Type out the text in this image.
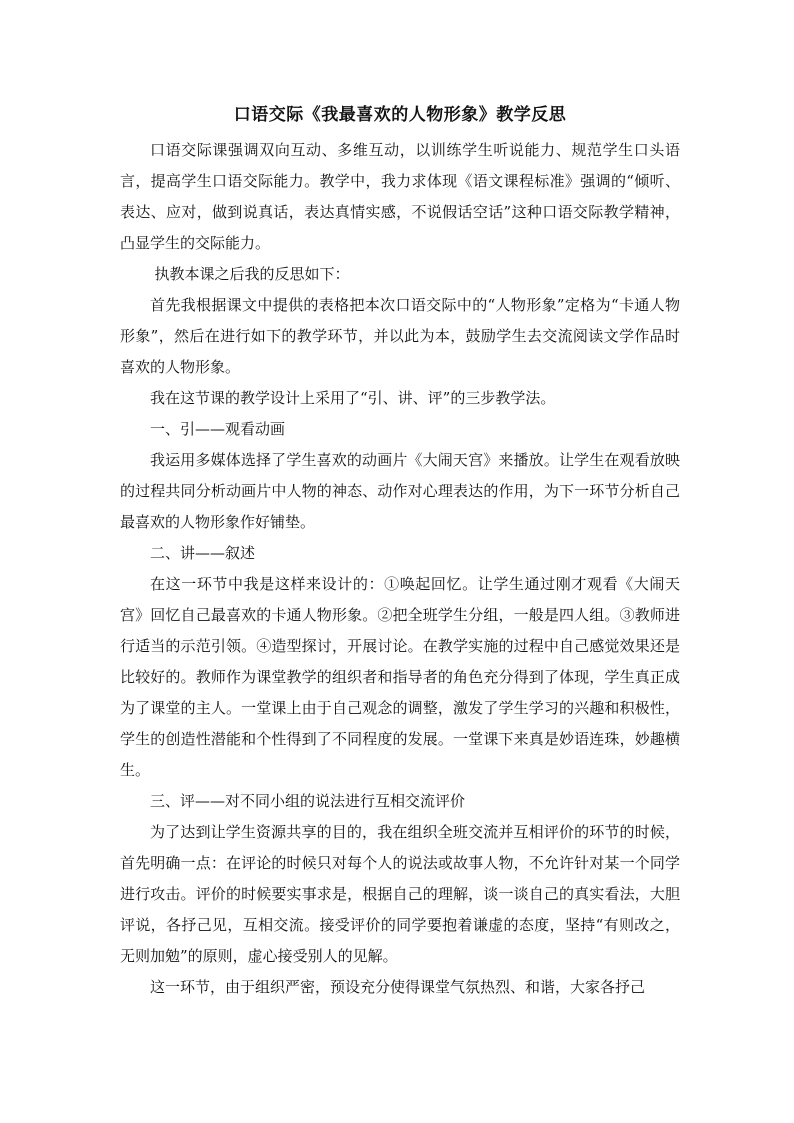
口语交际《我最喜欢的人物形象》教学反思

口语交际课强调双向互动、多维互动，以训练学生听说能力、规范学生口头语言，提高学生口语交际能力。教学中，我力求体现《语文课程标准》强调的“倾听、表达、应对，做到说真话，表达真情实感，不说假话空话”这种口语交际教学精神，凸显学生的交际能力。

执教本课之后我的反思如下：

首先我根据课文中提供的表格把本次口语交际中的“人物形象”定格为“卡通人物形象”，然后在进行如下的教学环节，并以此为本，鼓励学生去交流阅读文学作品时喜欢的人物形象。

我在这节课的教学设计上采用了“引、讲、评”的三步教学法。

一、引——观看动画

我运用多媒体选择了学生喜欢的动画片《大闹天宫》来播放。让学生在观看放映的过程共同分析动画片中人物的神态、动作对心理表达的作用，为下一环节分析自己最喜欢的人物形象作好铺垫。

二、讲——叙述

在这一环节中我是这样来设计的：①唤起回忆。让学生通过刚才观看《大闹天宫》回忆自己最喜欢的卡通人物形象。②把全班学生分组，一般是四人组。③教师进行适当的示范引领。④造型探讨，开展讨论。在教学实施的过程中自己感觉效果还是比较好的。教师作为课堂教学的组织者和指导者的角色充分得到了体现，学生真正成为了课堂的主人。一堂课上由于自己观念的调整，激发了学生学习的兴趣和积极性，学生的创造性潜能和个性得到了不同程度的发展。一堂课下来真是妙语连珠，妙趣横生。

三、评——对不同小组的说法进行互相交流评价

为了达到让学生资源共享的目的，我在组织全班交流并互相评价的环节的时候，首先明确一点：在评论的时候只对每个人的说法或故事人物，不允许针对某一个同学进行攻击。评价的时候要实事求是，根据自己的理解，谈一谈自己的真实看法，大胆评说，各抒己见，互相交流。接受评价的同学要抱着谦虚的态度，坚持“有则改之，无则加勉”的原则，虚心接受别人的见解。

这一环节，由于组织严密，预设充分使得课堂气氛热烈、和谐，大家各抒己
